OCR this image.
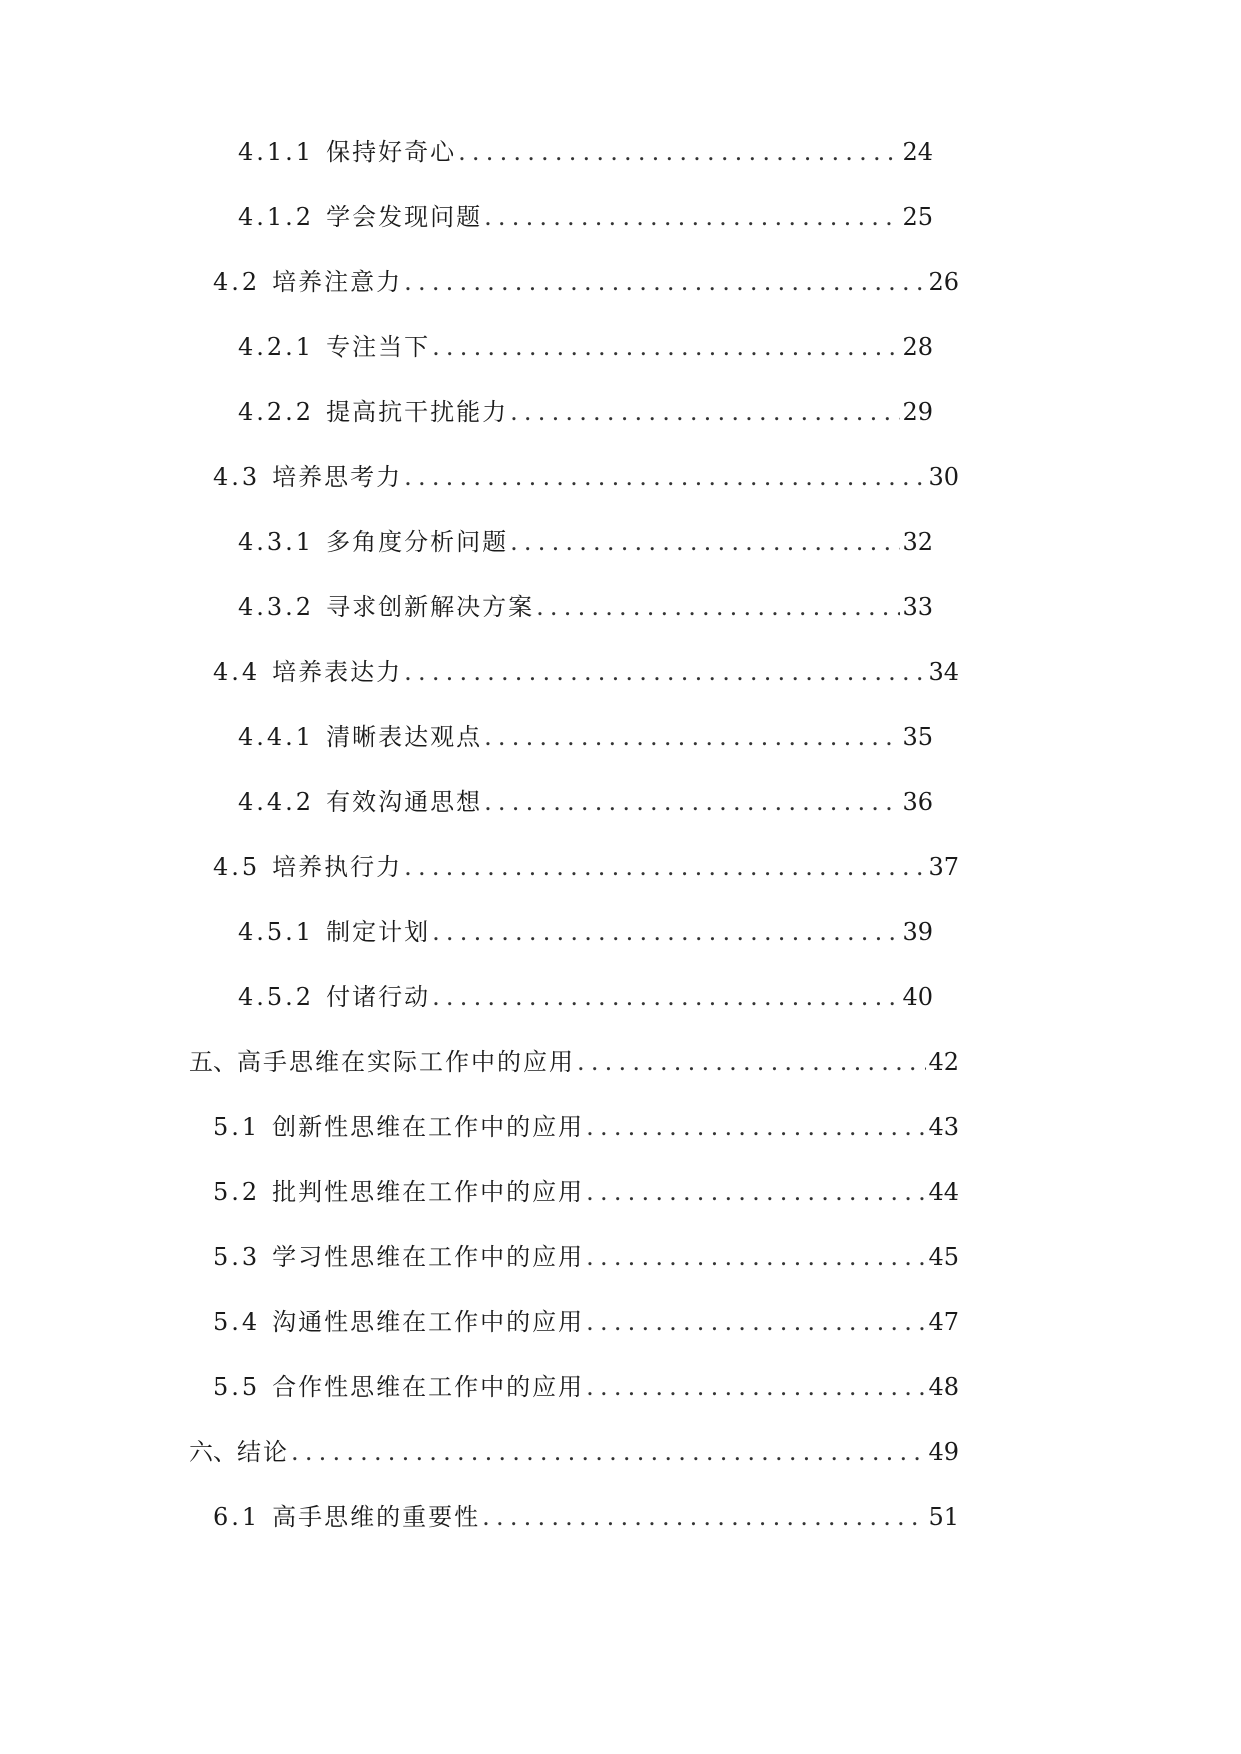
4.1.1 保持好奇心 .....	24
4.1.2 学会发现问题 .....	25
4.2 培养注意力 .....	26
4.2.1 专注当下 .....	28
4.2.2 提高抗干扰能力 .....	29
4.3 培养思考力 .....	30
4.3.1 多角度分析问题 .....	32
4.3.2 寻求创新解决方案 .....	33
4.4 培养表达力 .....	34
4.4.1 清晰表达观点 .....	35
4.4.2 有效沟通思想 .....	36
4.5 培养执行力 .....	37
4.5.1 制定计划 .....	39
4.5.2 付诸行动 .....	40
五、 高手思维在实际工作中的应用 .....	42
5.1 创新性思维在工作中的应用 .....	43
5.2 批判性思维在工作中的应用 .....	44
5.3 学习性思维在工作中的应用 .....	45
5.4 沟通性思维在工作中的应用 .....	47
5.5 合作性思维在工作中的应用 .....	48
六、 结论 .....	49
6.1 高手思维的重要性 .....	51
